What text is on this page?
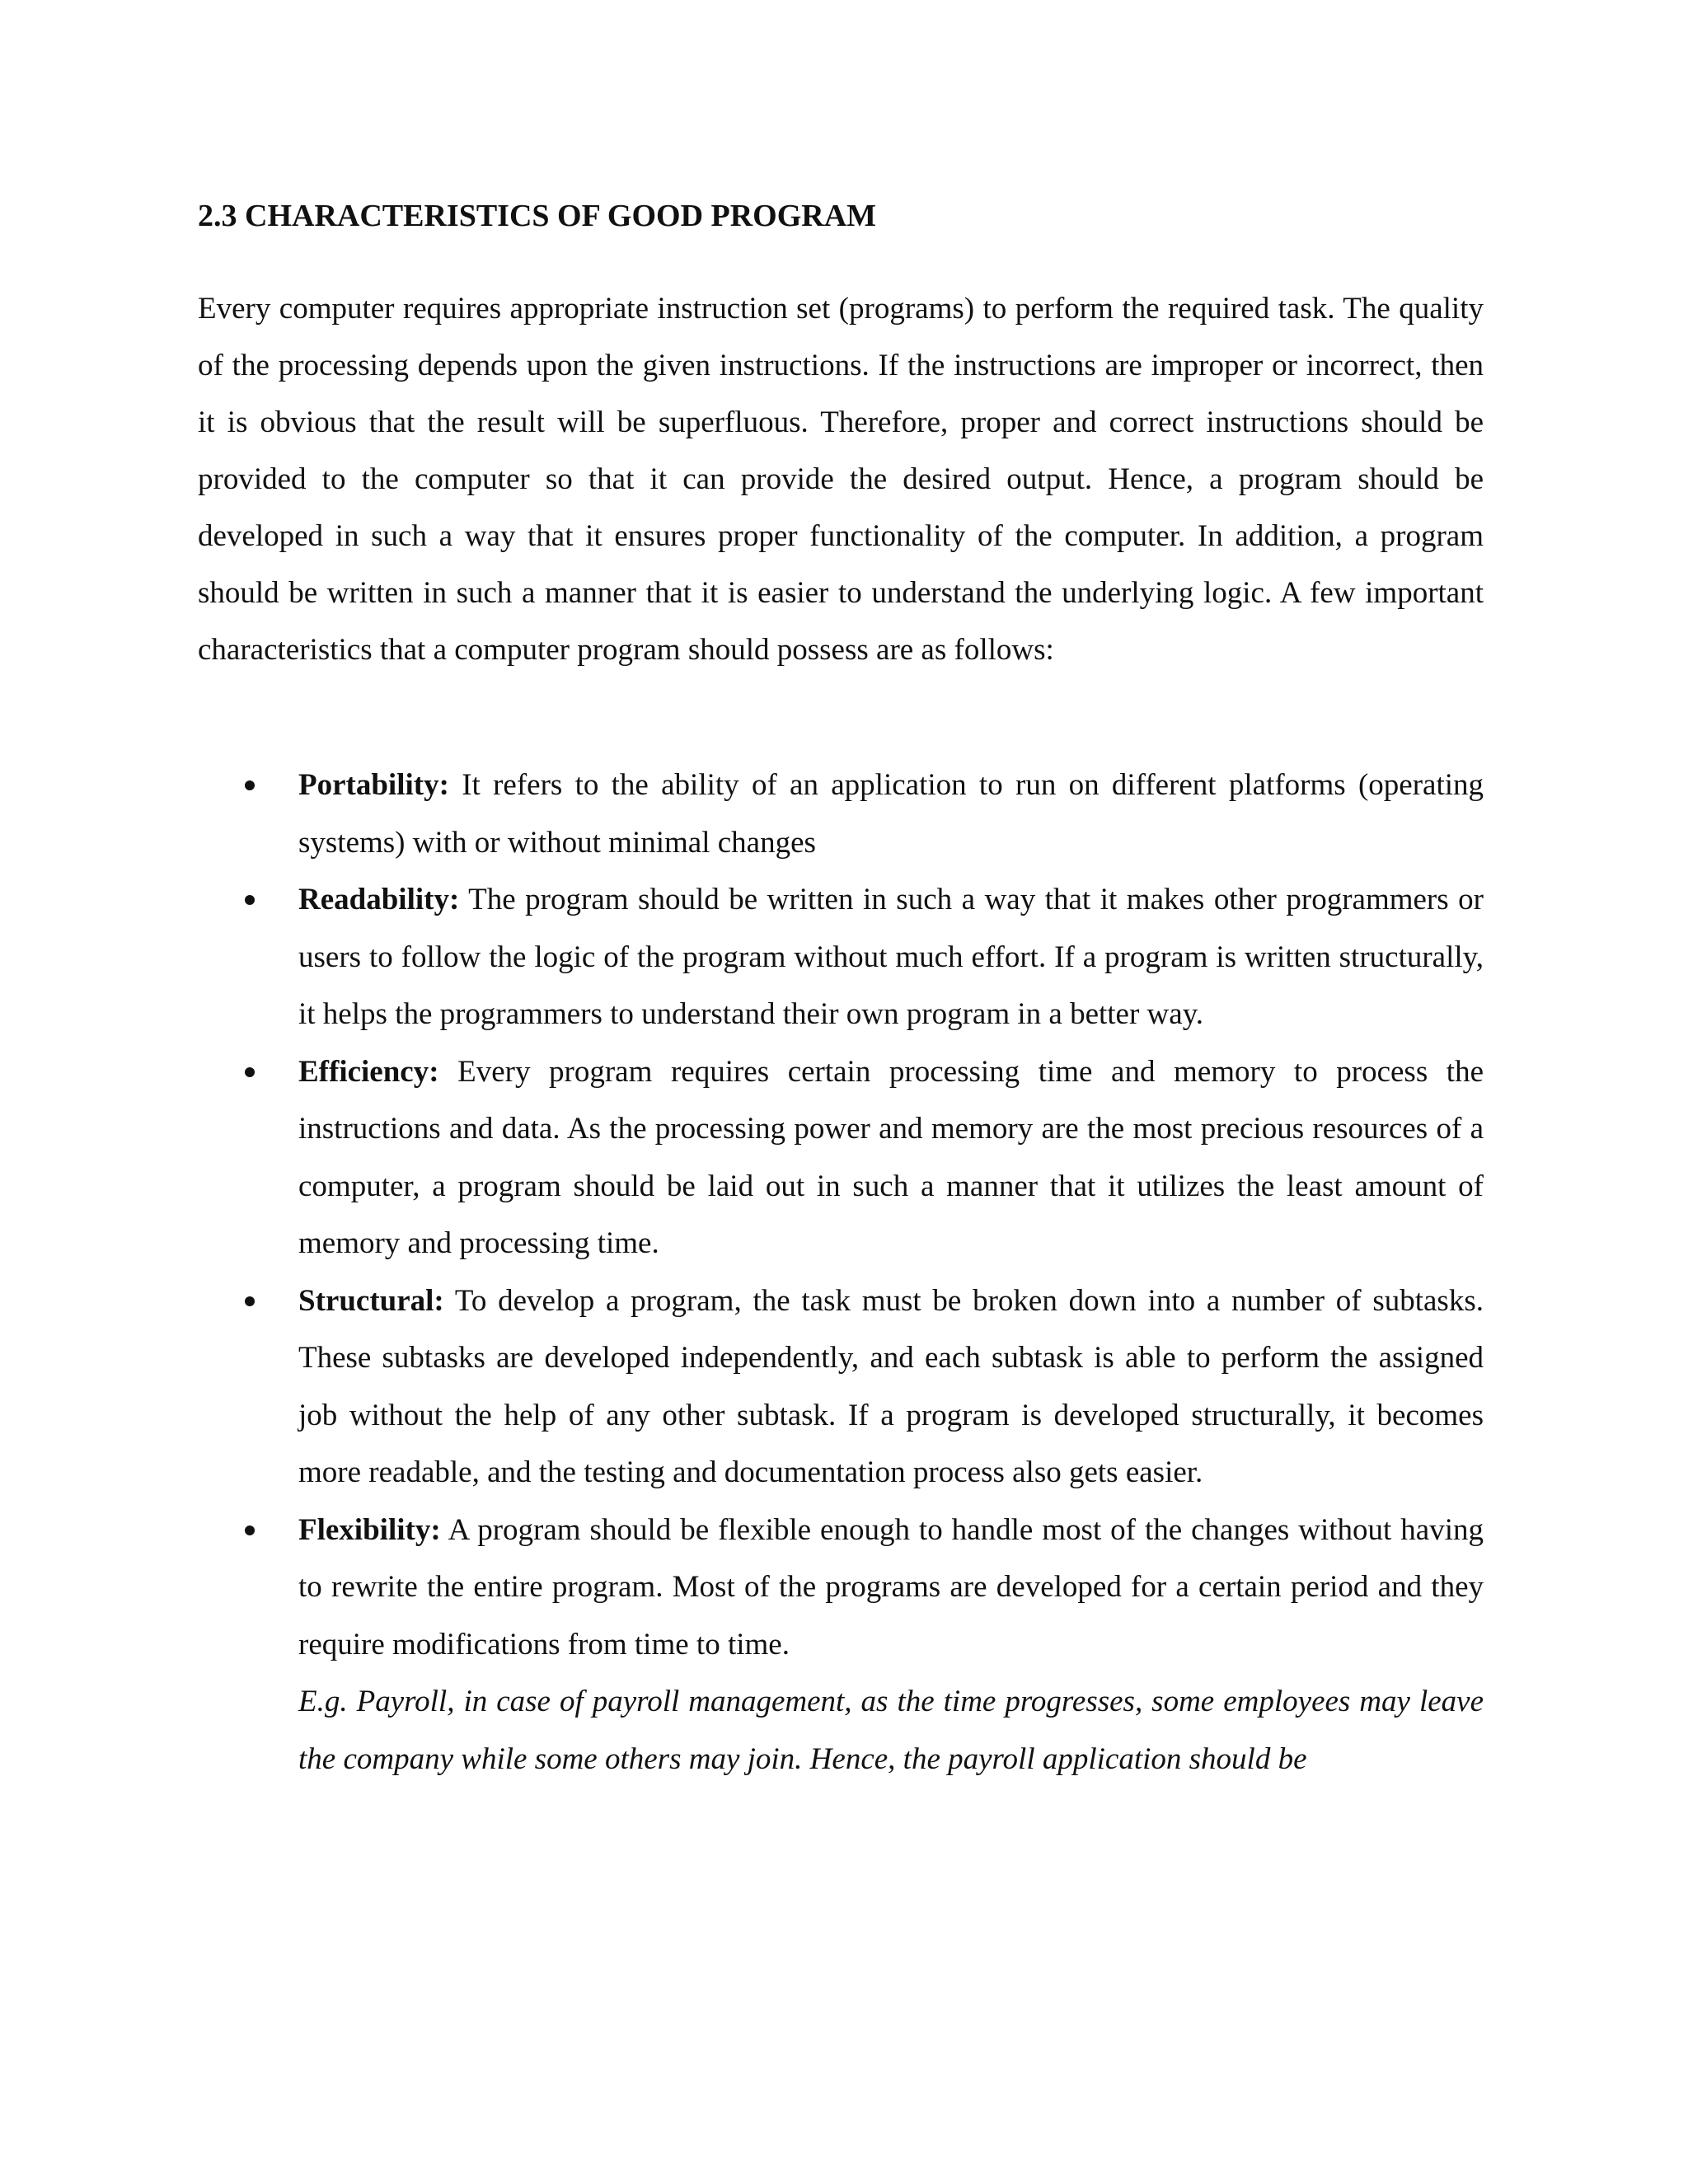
2.3 CHARACTERISTICS OF GOOD PROGRAM

Every computer requires appropriate instruction set (programs) to perform the required task. The quality of the processing depends upon the given instructions. If the instructions are improper or incorrect, then it is obvious that the result will be superfluous. Therefore, proper and correct instructions should be provided to the computer so that it can provide the desired output. Hence, a program should be developed in such a way that it ensures proper functionality of the computer. In addition, a program should be written in such a manner that it is easier to understand the underlying logic. A few important characteristics that a computer program should possess are as follows:

Portability: It refers to the ability of an application to run on different platforms (operating systems) with or without minimal changes
Readability: The program should be written in such a way that it makes other programmers or users to follow the logic of the program without much effort. If a program is written structurally, it helps the programmers to understand their own program in a better way.
Efficiency: Every program requires certain processing time and memory to process the instructions and data. As the processing power and memory are the most precious resources of a computer, a program should be laid out in such a manner that it utilizes the least amount of memory and processing time.
Structural: To develop a program, the task must be broken down into a number of subtasks. These subtasks are developed independently, and each subtask is able to perform the assigned job without the help of any other subtask. If a program is developed structurally, it becomes more readable, and the testing and documentation process also gets easier.
Flexibility: A program should be flexible enough to handle most of the changes without having to rewrite the entire program. Most of the programs are developed for a certain period and they require modifications from time to time.
E.g. Payroll, in case of payroll management, as the time progresses, some employees may leave the company while some others may join. Hence, the payroll application should be
